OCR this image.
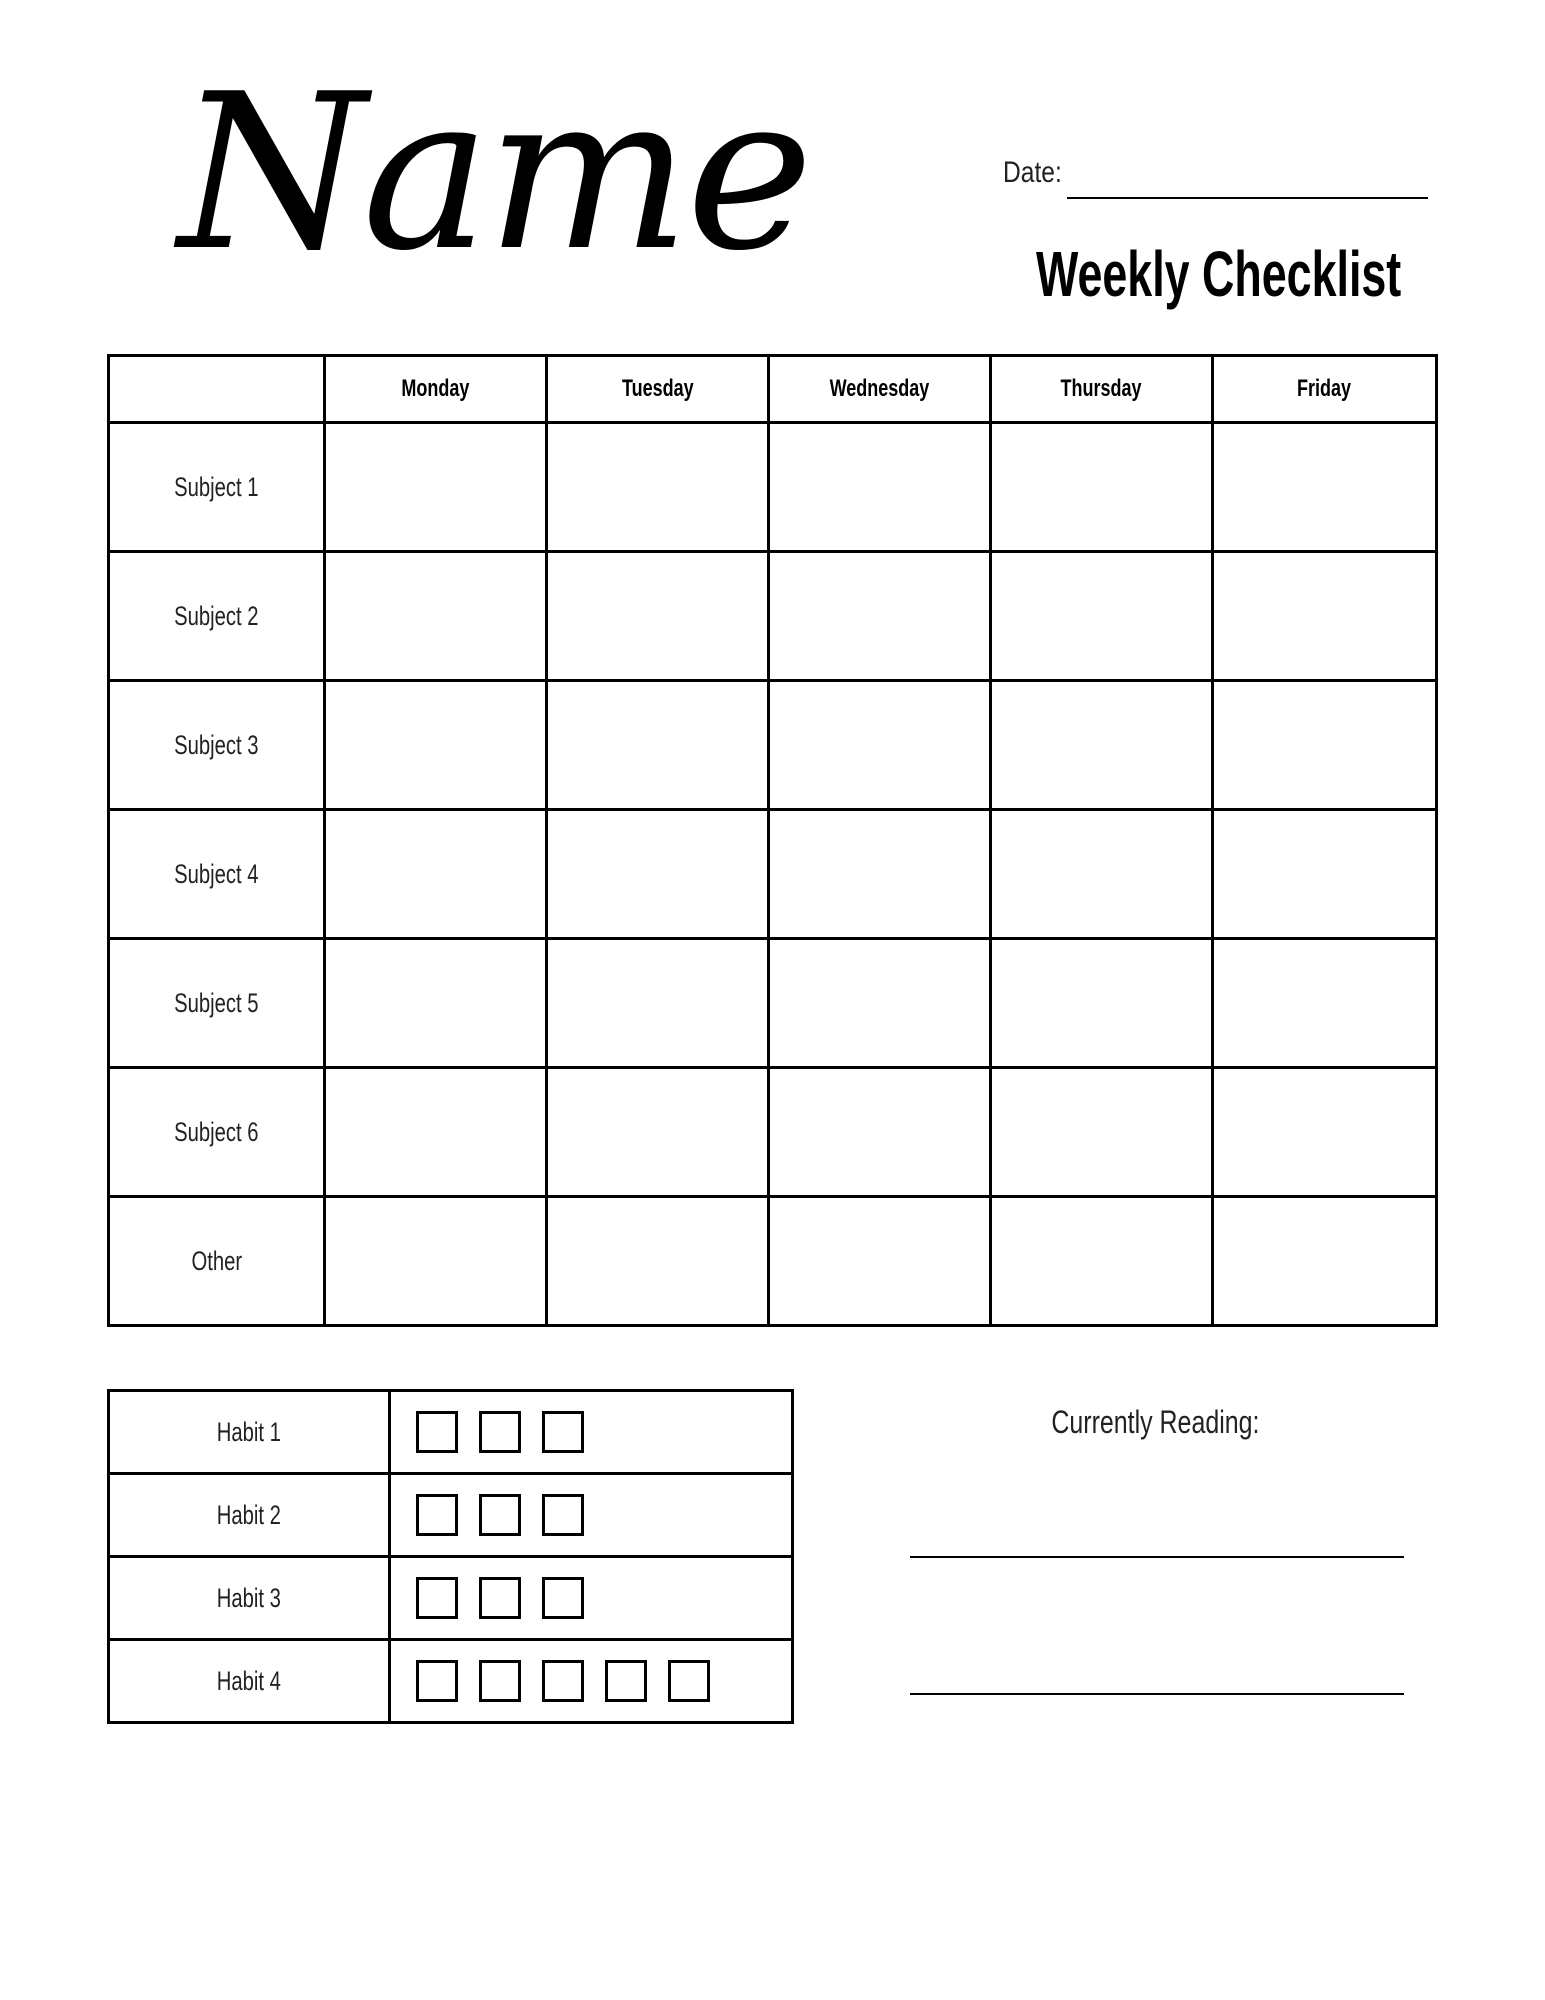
Name	Date:
Weekly Checklist
	Monday	Tuesday	Wednesday	Thursday	Friday
Subject 1					
Subject 2					
Subject 3					
Subject 4					
Subject 5					
Subject 6					
Other					
Habit 1	
Habit 2	
Habit 3	
Habit 4	
Currently Reading:
